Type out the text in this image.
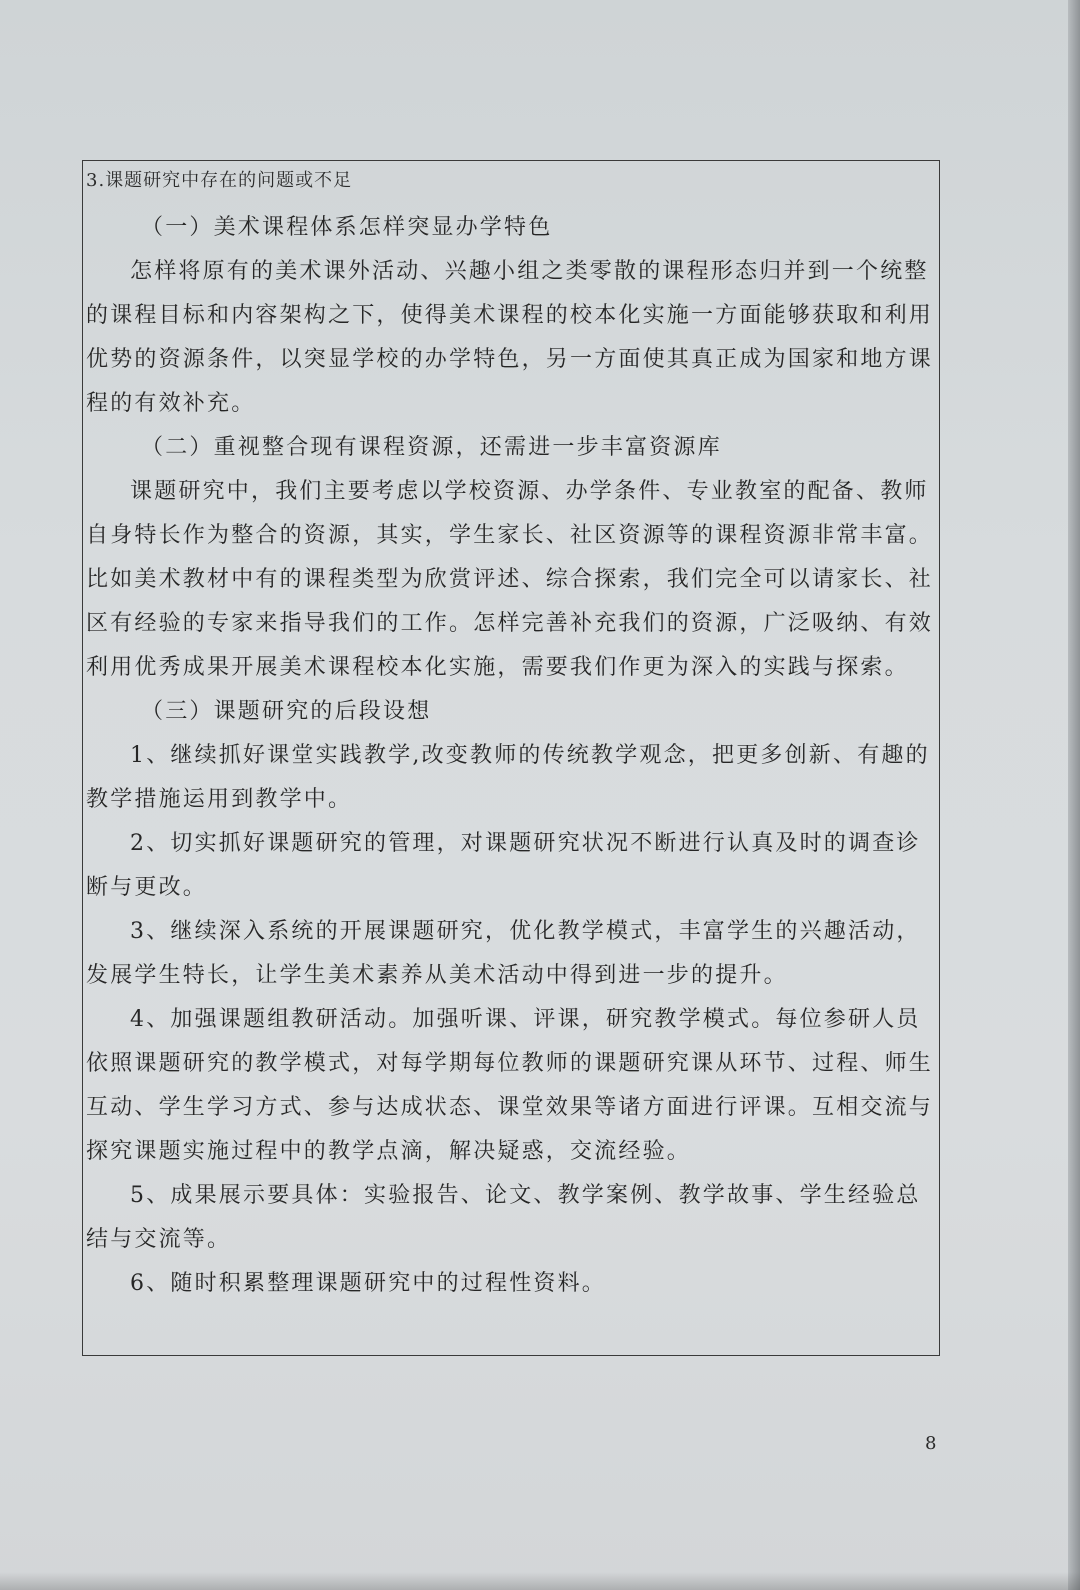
3.课题研究中存在的问题或不足

（一）美术课程体系怎样突显办学特色

怎样将原有的美术课外活动、兴趣小组之类零散的课程形态归并到一个统整的课程目标和内容架构之下，使得美术课程的校本化实施一方面能够获取和利用优势的资源条件，以突显学校的办学特色，另一方面使其真正成为国家和地方课程的有效补充。

（二）重视整合现有课程资源，还需进一步丰富资源库

课题研究中，我们主要考虑以学校资源、办学条件、专业教室的配备、教师自身特长作为整合的资源，其实，学生家长、社区资源等的课程资源非常丰富。比如美术教材中有的课程类型为欣赏评述、综合探索，我们完全可以请家长、社区有经验的专家来指导我们的工作。怎样完善补充我们的资源，广泛吸纳、有效利用优秀成果开展美术课程校本化实施，需要我们作更为深入的实践与探索。

（三）课题研究的后段设想

1、继续抓好课堂实践教学,改变教师的传统教学观念，把更多创新、有趣的教学措施运用到教学中。

2、切实抓好课题研究的管理，对课题研究状况不断进行认真及时的调查诊断与更改。

3、继续深入系统的开展课题研究，优化教学模式，丰富学生的兴趣活动，发展学生特长，让学生美术素养从美术活动中得到进一步的提升。

4、加强课题组教研活动。加强听课、评课，研究教学模式。每位参研人员依照课题研究的教学模式，对每学期每位教师的课题研究课从环节、过程、师生互动、学生学习方式、参与达成状态、课堂效果等诸方面进行评课。互相交流与探究课题实施过程中的教学点滴，解决疑惑，交流经验。

5、成果展示要具体：实验报告、论文、教学案例、教学故事、学生经验总结与交流等。

6、随时积累整理课题研究中的过程性资料。

8
